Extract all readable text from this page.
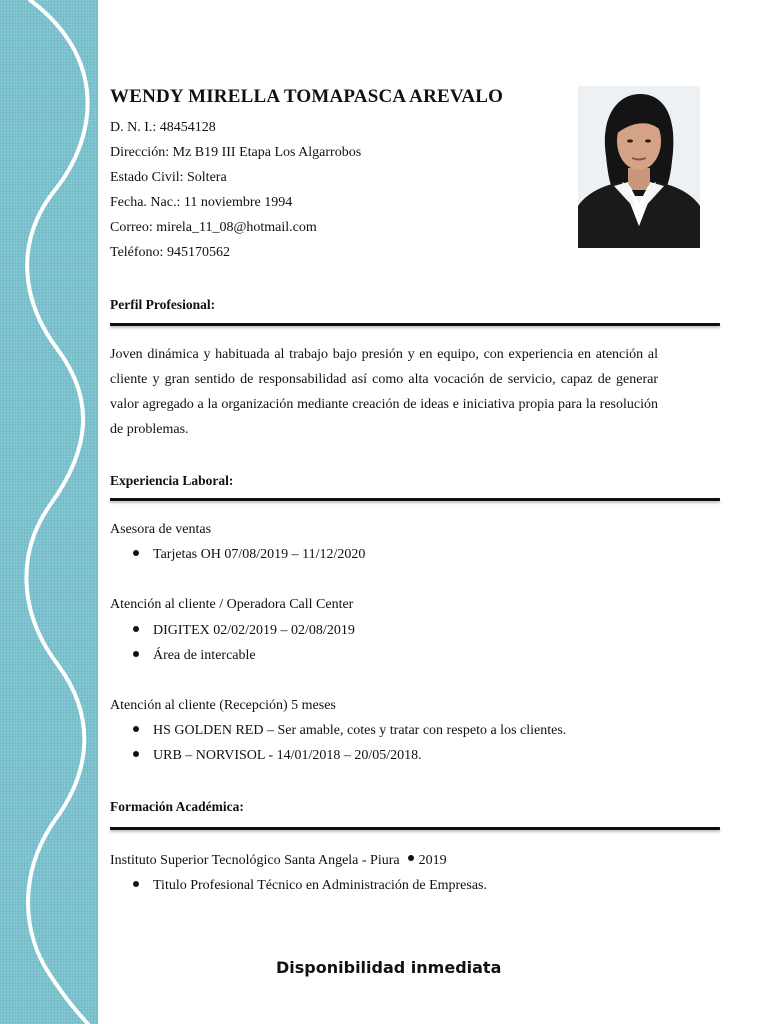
WENDY MIRELLA TOMAPASCA AREVALO
D. N. I.: 48454128
Dirección: Mz B19 III Etapa Los Algarrobos
Estado Civil: Soltera
Fecha. Nac.: 11 noviembre 1994
Correo: mirela_11_08@hotmail.com
Teléfono: 945170562
Perfil Profesional:
Joven dinámica y habituada al trabajo bajo presión y en equipo, con experiencia en atención al cliente y gran sentido de responsabilidad así como alta vocación de servicio, capaz de generar valor agregado a la organización mediante creación de ideas e iniciativa propia para la resolución de problemas.
Experiencia Laboral:
Asesora de ventas
Tarjetas OH 07/08/2019 – 11/12/2020
Atención al cliente / Operadora Call Center
DIGITEX 02/02/2019 – 02/08/2019
Área de intercable
Atención al cliente (Recepción) 5 meses
HS GOLDEN RED – Ser amable, cotes y tratar con respeto a los clientes.
URB – NORVISOL - 14/01/2018 – 20/05/2018.
Formación Académica:
Instituto Superior Tecnológico Santa Angela - Piura 2019
Titulo Profesional Técnico en Administración de Empresas.
Disponibilidad inmediata
